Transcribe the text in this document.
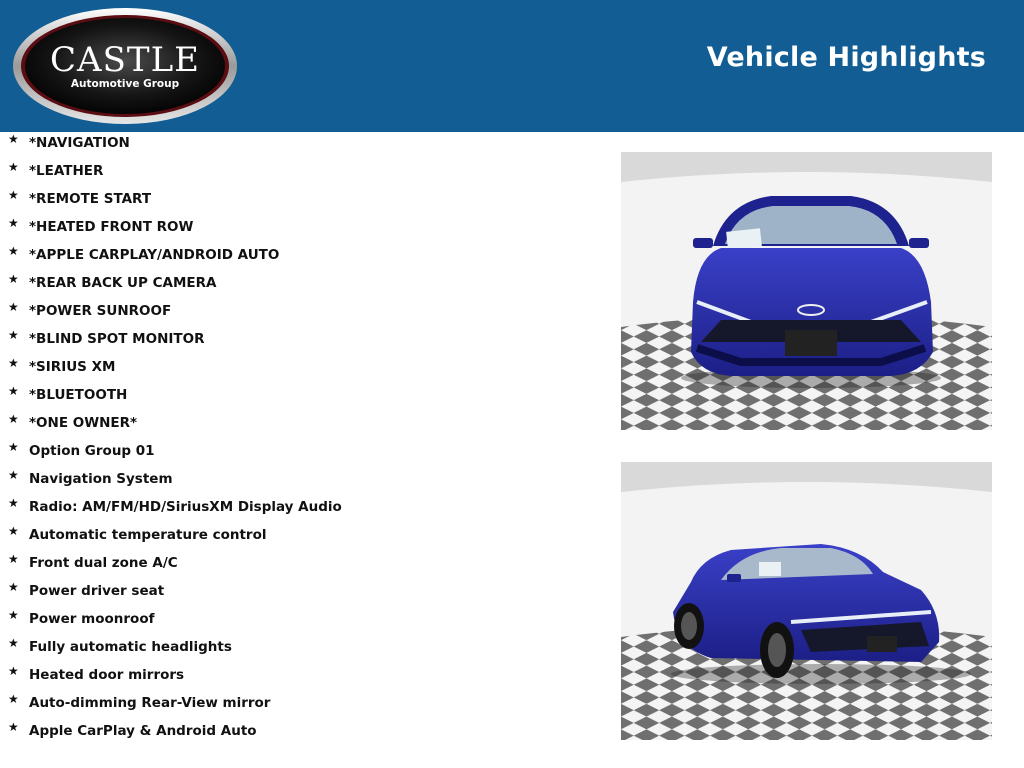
CASTLE
Automotive Group
Vehicle Highlights
★ *NAVIGATION
★ *LEATHER
★ *REMOTE START
★ *HEATED FRONT ROW
★ *APPLE CARPLAY/ANDROID AUTO
★ *REAR BACK UP CAMERA
★ *POWER SUNROOF
★ *BLIND SPOT MONITOR
★ *SIRIUS XM
★ *BLUETOOTH
★ *ONE OWNER*
★ Option Group 01
★ Navigation System
★ Radio: AM/FM/HD/SiriusXM Display Audio
★ Automatic temperature control
★ Front dual zone A/C
★ Power driver seat
★ Power moonroof
★ Fully automatic headlights
★ Heated door mirrors
★ Auto-dimming Rear-View mirror
★ Apple CarPlay & Android Auto
